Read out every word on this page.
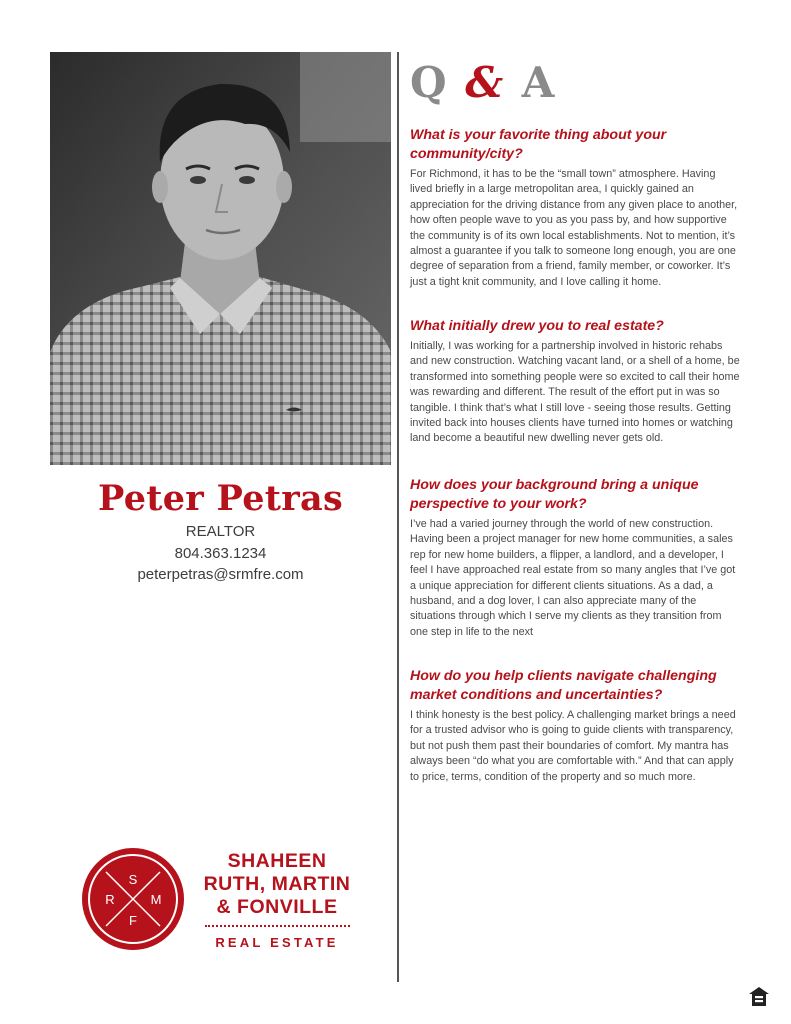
Peter Petras
REALTOR
804.363.1234
peterpetras@srmfre.com
Q & A

What is your favorite thing about your community/city?

For Richmond, it has to be the “small town” atmosphere. Having lived briefly in a large metropolitan area, I quickly gained an appreciation for the driving distance from any given place to another, how often people wave to you as you pass by, and how supportive the community is of its own local establishments. Not to mention, it’s almost a guarantee if you talk to someone long enough, you are one degree of separation from a friend, family member, or coworker. It’s just a tight knit community, and I love calling it home.

What initially drew you to real estate?

Initially, I was working for a partnership involved in historic rehabs and new construction. Watching vacant land, or a shell of a home, be transformed into something people were so excited to call their home was rewarding and different. The result of the effort put in was so tangible. I think that’s what I still love - seeing those results. Getting invited back into houses clients have turned into homes or watching land become a beautiful new dwelling never gets old.

How does your background bring a unique perspective to your work?

I’ve had a varied journey through the world of new construction. Having been a project manager for new home communities, a sales rep for new home builders, a flipper, a landlord, and a developer, I feel I have approached real estate from so many angles that I’ve got a unique appreciation for different clients situations. As a dad, a husband, and a dog lover, I can also appreciate many of the situations through which I serve my clients as they transition from one step in life to the next

How do you help clients navigate challenging market conditions and uncertainties?

I think honesty is the best policy. A challenging market brings a need for a trusted advisor who is going to guide clients with transparency, but not push them past their boundaries of comfort. My mantra has always been “do what you are comfortable with.” And that can apply to price, terms, condition of the property and so much more.

S
R	M
F
SHAHEEN
RUTH, MARTIN
& FONVILLE
REAL ESTATE
